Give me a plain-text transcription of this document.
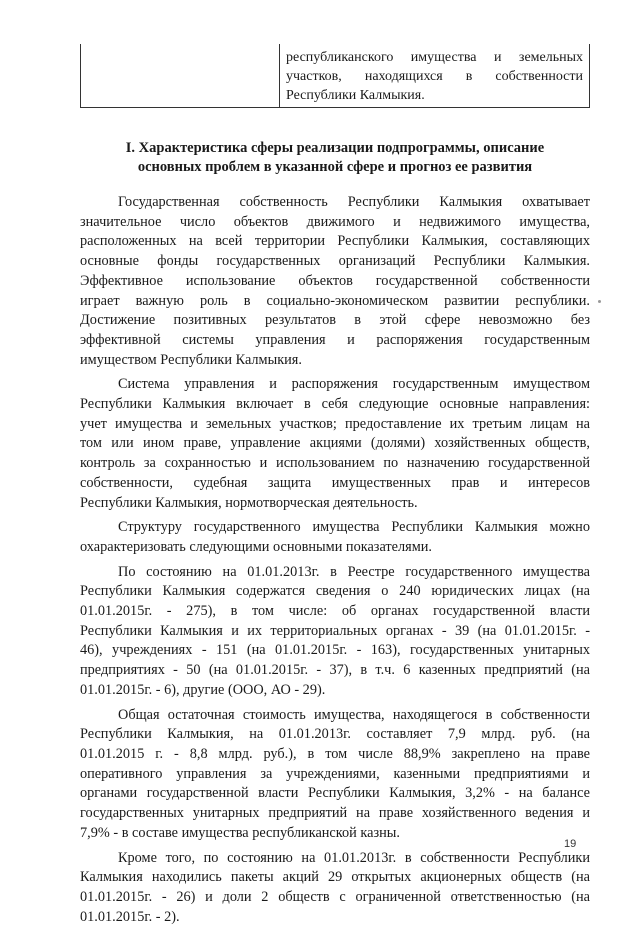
республиканского имущества и земельных
участков, находящихся в собственности
Республики Калмыкия.
I. Характеристика сферы реализации подпрограммы, описание
основных проблем в указанной сфере и прогноз ее развития
Государственная собственность Республики Калмыкия охватывает
значительное число объектов движимого и недвижимого имущества,
расположенных на всей территории Республики Калмыкия, составляющих
основные фонды государственных организаций Республики Калмыкия.
Эффективное использование объектов государственной собственности
играет важную роль в социально-экономическом развитии республики.
Достижение позитивных результатов в этой сфере невозможно без
эффективной системы управления и распоряжения государственным
имуществом Республики Калмыкия.
Система управления и распоряжения государственным имуществом
Республики Калмыкия включает в себя следующие основные направления:
учет имущества и земельных участков; предоставление их третьим лицам на
том или ином праве, управление акциями (долями) хозяйственных обществ,
контроль за сохранностью и использованием по назначению государственной
собственности, судебная защита имущественных прав и интересов
Республики Калмыкия, нормотворческая деятельность.
Структуру государственного имущества Республики Калмыкия можно
охарактеризовать следующими основными показателями.
По состоянию на 01.01.2013г. в Реестре государственного имущества
Республики Калмыкия содержатся сведения о 240 юридических лицах (на
01.01.2015г. - 275), в том числе: об органах государственной власти
Республики Калмыкия и их территориальных органах - 39 (на 01.01.2015г. -
46), учреждениях - 151 (на 01.01.2015г. - 163), государственных унитарных
предприятиях - 50 (на 01.01.2015г. - 37), в т.ч. 6 казенных предприятий (на
01.01.2015г. - 6), другие (ООО, АО - 29).
Общая остаточная стоимость имущества, находящегося в собственности
Республики Калмыкия, на 01.01.2013г. составляет 7,9 млрд. руб. (на
01.01.2015 г. - 8,8 млрд. руб.), в том числе 88,9% закреплено на праве
оперативного управления за учреждениями, казенными предприятиями и
органами государственной власти Республики Калмыкия, 3,2% - на балансе
государственных унитарных предприятий на праве хозяйственного ведения и
7,9% - в составе имущества республиканской казны.
Кроме того, по состоянию на 01.01.2013г. в собственности Республики
Калмыкия находились пакеты акций 29 открытых акционерных обществ (на
01.01.2015г. - 26) и доли 2 обществ с ограниченной ответственностью (на
01.01.2015г. - 2).
19
